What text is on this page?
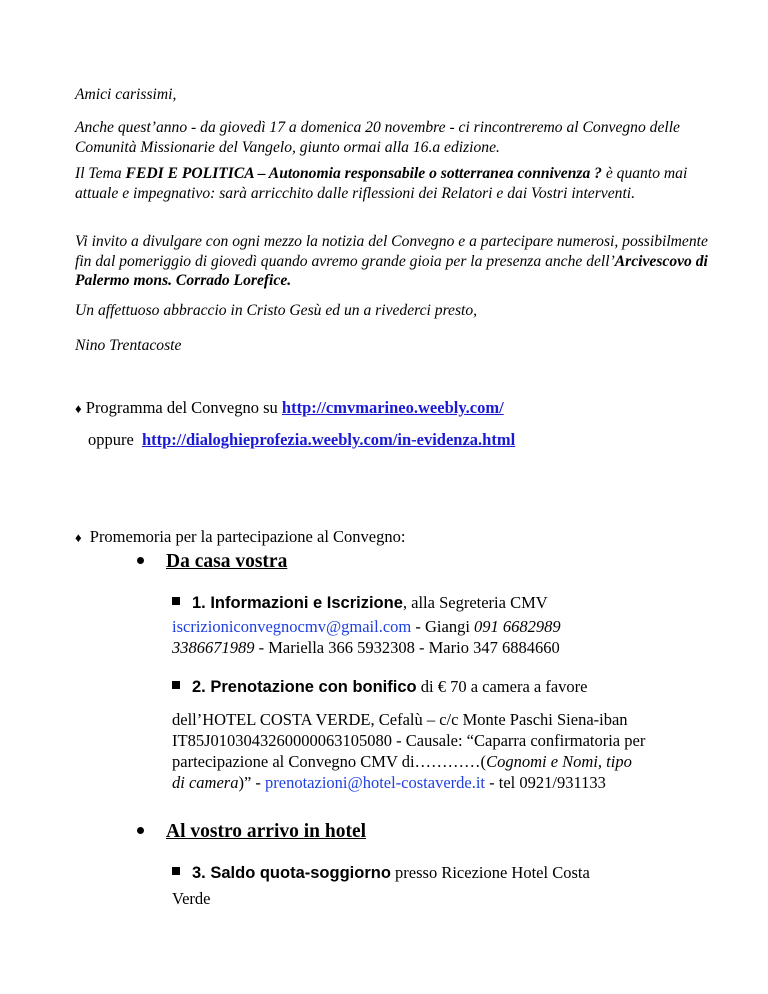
Amici carissimi,

Anche quest’anno - da giovedì 17 a domenica 20 novembre - ci rincontreremo al Convegno delle Comunità Missionarie del Vangelo, giunto ormai alla 16.a edizione.

Il Tema FEDI E POLITICA – Autonomia responsabile o sotterranea connivenza ? è quanto mai attuale e impegnativo: sarà arricchito dalle riflessioni dei Relatori e dai Vostri interventi.

Vi invito a divulgare con ogni mezzo la notizia del Convegno e a partecipare numerosi, possibilmente fin dal pomeriggio di giovedì quando avremo grande gioia per la presenza anche dell’Arcivescovo di Palermo mons. Corrado Lorefice.

Un affettuoso abbraccio in Cristo Gesù ed un a rivederci presto,

Nino Trentacoste

♦ Programma del Convegno su http://cmvmarineo.weebly.com/
oppure http://dialoghieprofezia.weebly.com/in-evidenza.html
♦ Promemoria per la partecipazione al Convegno:
Da casa vostra
1. Informazioni e Iscrizione, alla Segreteria CMV
iscrizioniconvegnocmv@gmail.com - Giangi 091 6682989
3386671989 - Mariella 366 5932308 - Mario 347 6884660
2. Prenotazione con bonifico di € 70 a camera a favore
dell’HOTEL COSTA VERDE, Cefalù – c/c Monte Paschi Siena-iban
IT85J0103043260000063105080 - Causale: “Caparra confirmatoria per
partecipazione al Convegno CMV di…………(Cognomi e Nomi, tipo
di camera)” - prenotazioni@hotel-costaverde.it - tel 0921/931133
Al vostro arrivo in hotel
3. Saldo quota-soggiorno presso Ricezione Hotel Costa
Verde
